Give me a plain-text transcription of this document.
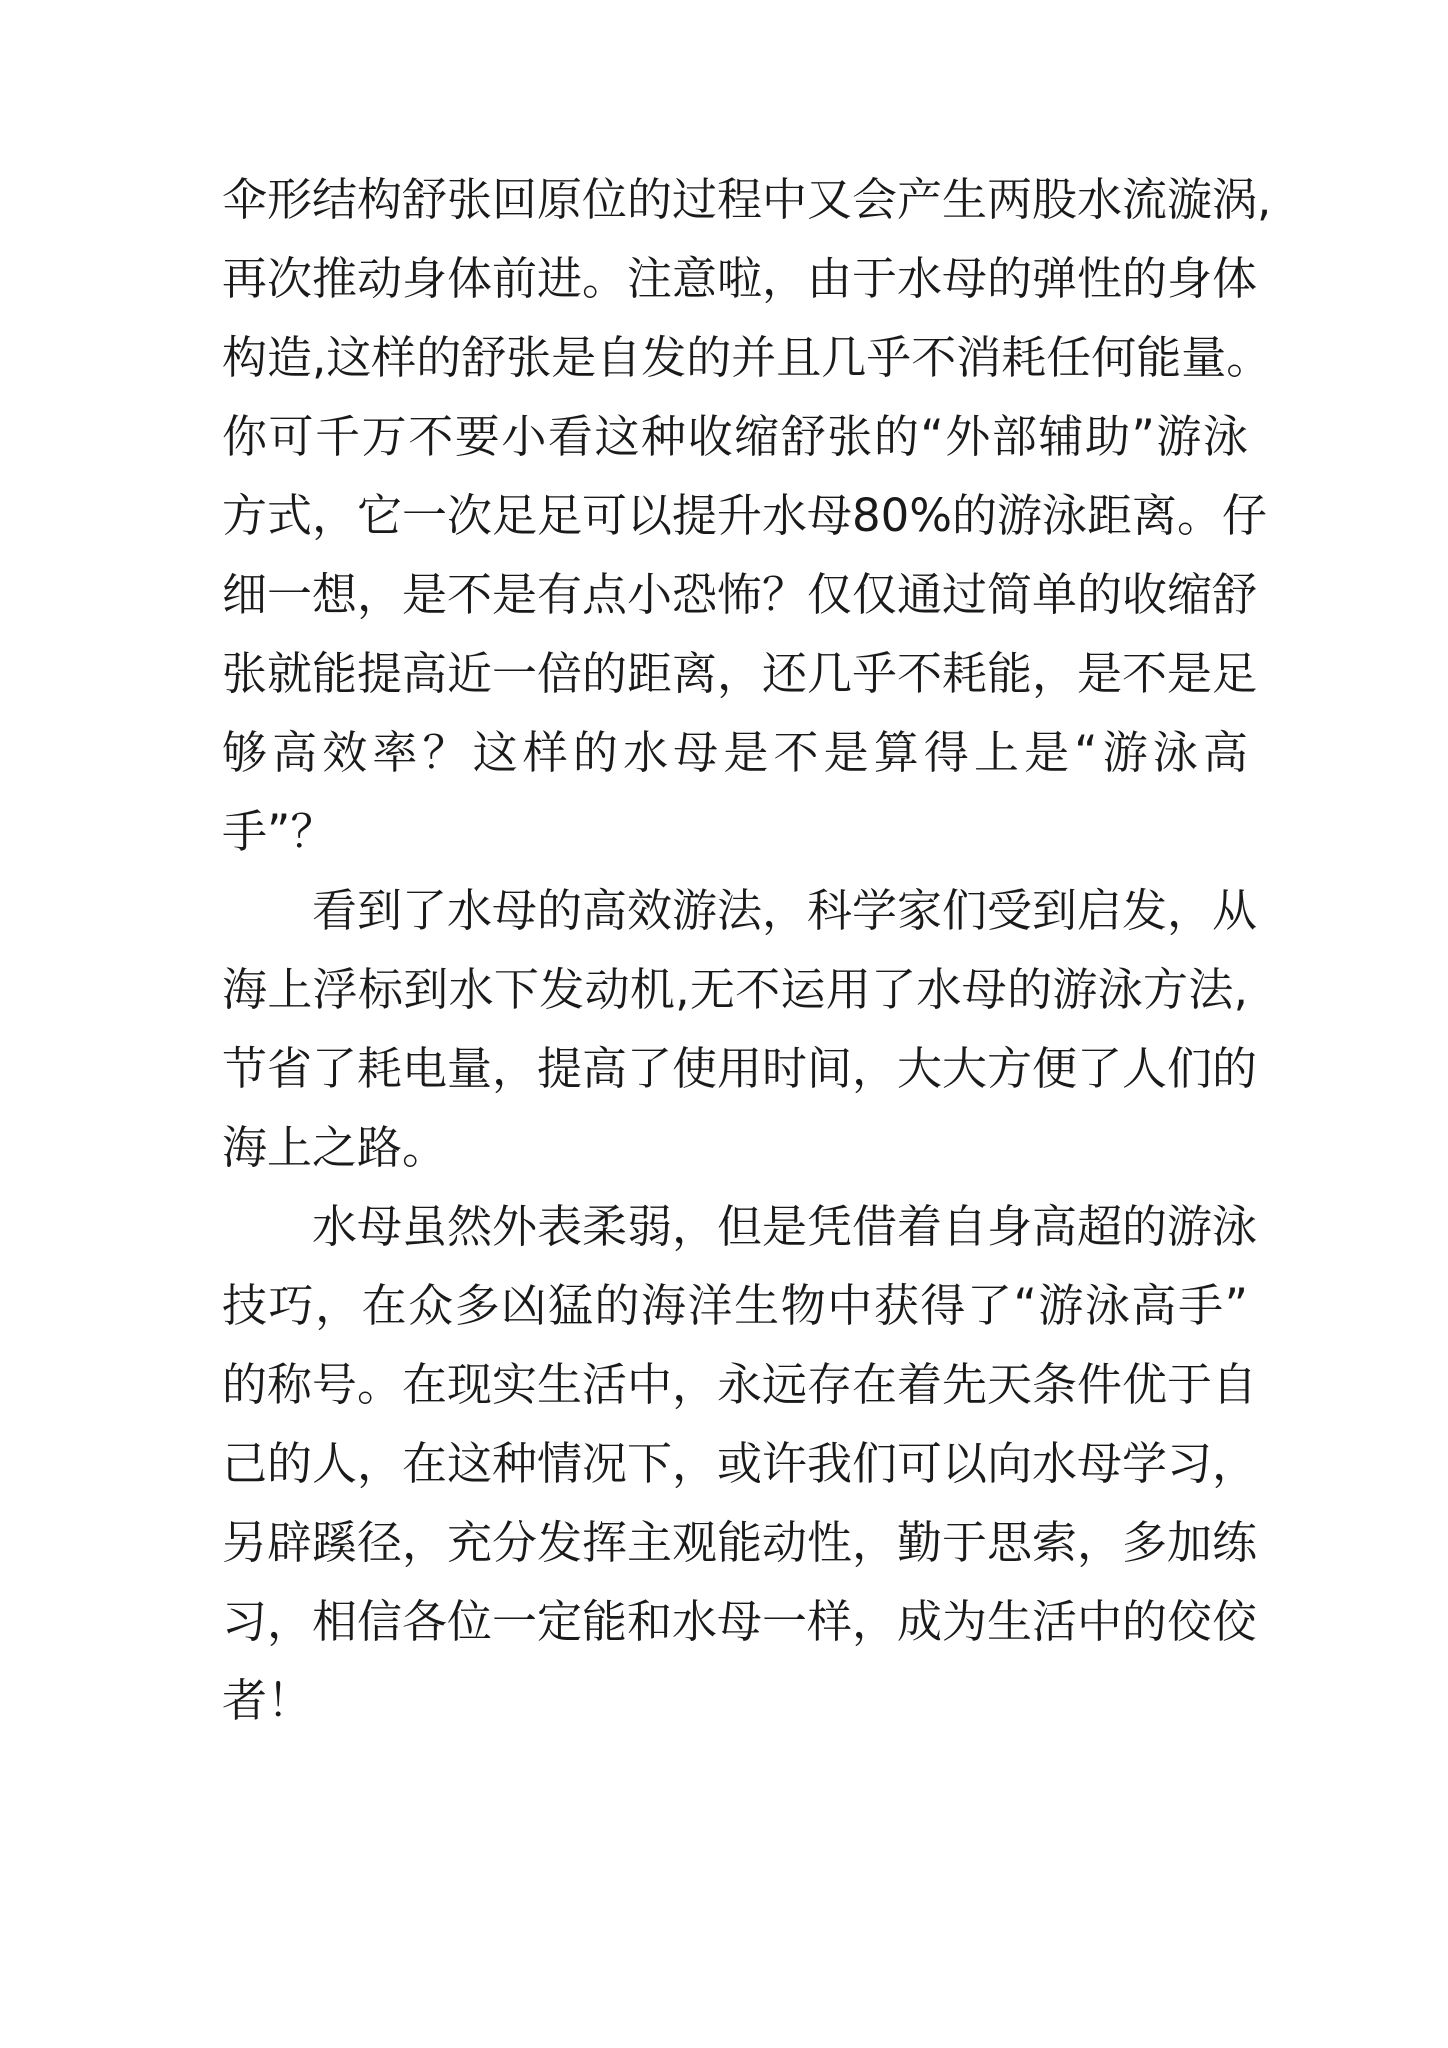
伞形结构舒张回原位的过程中又会产生两股水流漩涡,
再次推动身体前进。注意啦，由于水母的弹性的身体
构造,这样的舒张是自发的并且几乎不消耗任何能量。
你可千万不要小看这种收缩舒张的“外部辅助”游泳
方式，它一次足足可以提升水母80%的游泳距离。仔
细一想，是不是有点小恐怖？仅仅通过简单的收缩舒
张就能提高近一倍的距离，还几乎不耗能，是不是足
够高效率？这样的水母是不是算得上是“游泳高
手”？
看到了水母的高效游法，科学家们受到启发，从
海上浮标到水下发动机,无不运用了水母的游泳方法,
节省了耗电量，提高了使用时间，大大方便了人们的
海上之路。
水母虽然外表柔弱，但是凭借着自身高超的游泳
技巧，在众多凶猛的海洋生物中获得了“游泳高手”
的称号。在现实生活中，永远存在着先天条件优于自
己的人，在这种情况下，或许我们可以向水母学习，
另辟蹊径，充分发挥主观能动性，勤于思索，多加练
习，相信各位一定能和水母一样，成为生活中的佼佼
者！
